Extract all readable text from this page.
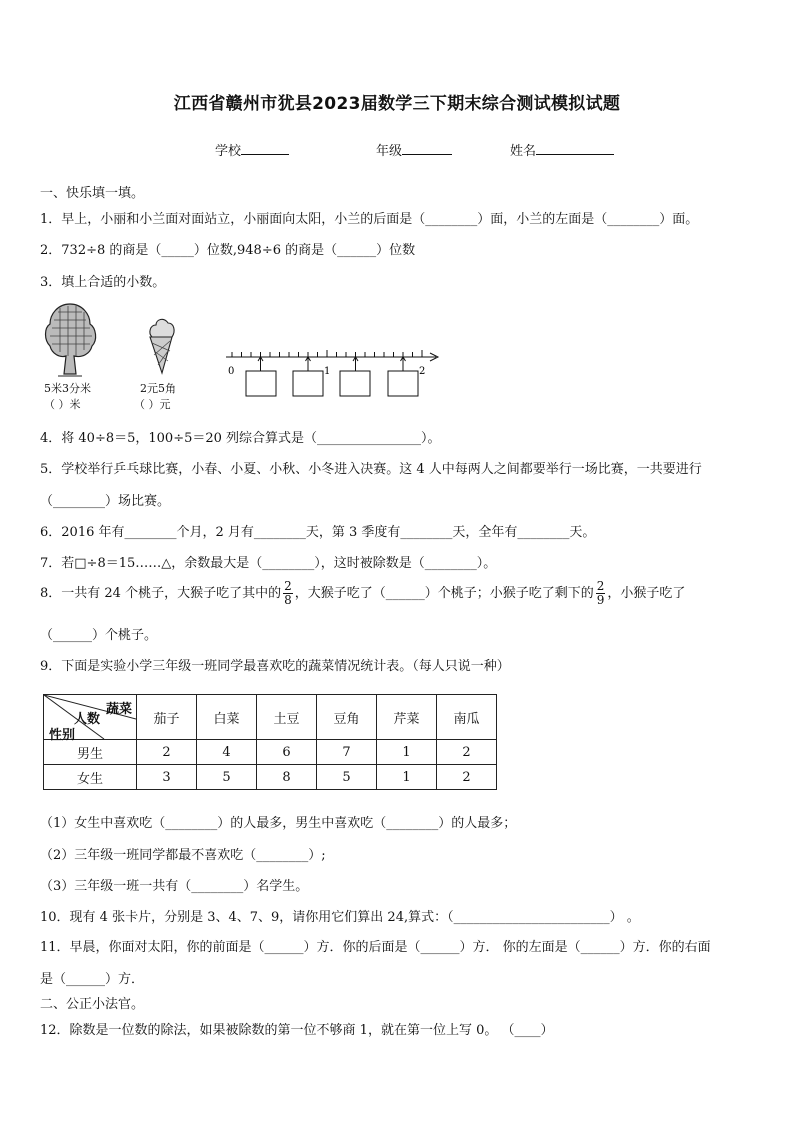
江西省赣州市犹县2023届数学三下期末综合测试模拟试题
学校	年级	姓名
一、快乐填一填。
1．早上，小丽和小兰面对面站立，小丽面向太阳，小兰的后面是（________）面，小兰的左面是（________）面。
2．732÷8 的商是（_____）位数,948÷6 的商是（______）位数
3．填上合适的小数。
5米3分米
（ ）米
2元5角
（ ）元
0	1	2
4．将 40÷8＝5，100÷5＝20 列综合算式是（________________）。
5．学校举行乒乓球比赛，小春、小夏、小秋、小冬进入决赛。这 4 人中每两人之间都要举行一场比赛，一共要进行
（________）场比赛。
6．2016 年有________个月，2 月有________天，第 3 季度有________天，全年有________天。
7．若□÷8＝15……△，余数最大是（________），这时被除数是（________）。
8．一共有 24 个桃子，大猴子吃了其中的 $\frac{2}{8}$ ，大猴子吃了（______）个桃子；小猴子吃了剩下的 $\frac{2}{9}$ ，小猴子吃了
（______）个桃子。
9．下面是实验小学三年级一班同学最喜欢吃的蔬菜情况统计表。（每人只说一种）
蔬菜
人数
性别	茄子	白菜	土豆	豆角	芹菜	南瓜
男生	2	4	6	7	1	2
女生	3	5	8	5	1	2
（1）女生中喜欢吃（________）的人最多，男生中喜欢吃（________）的人最多；
（2）三年级一班同学都最不喜欢吃（________）;
（3）三年级一班一共有（________）名学生。
10．现有 4 张卡片，分别是 3、4、7、9，请你用它们算出 24,算式：（________________________） 。
11．早晨，你面对太阳，你的前面是（______）方．你的后面是（______）方． 你的左面是（______）方．你的右面
是（______）方．
二、公正小法官。
12．除数是一位数的除法，如果被除数的第一位不够商 1，就在第一位上写 0。 （____）
